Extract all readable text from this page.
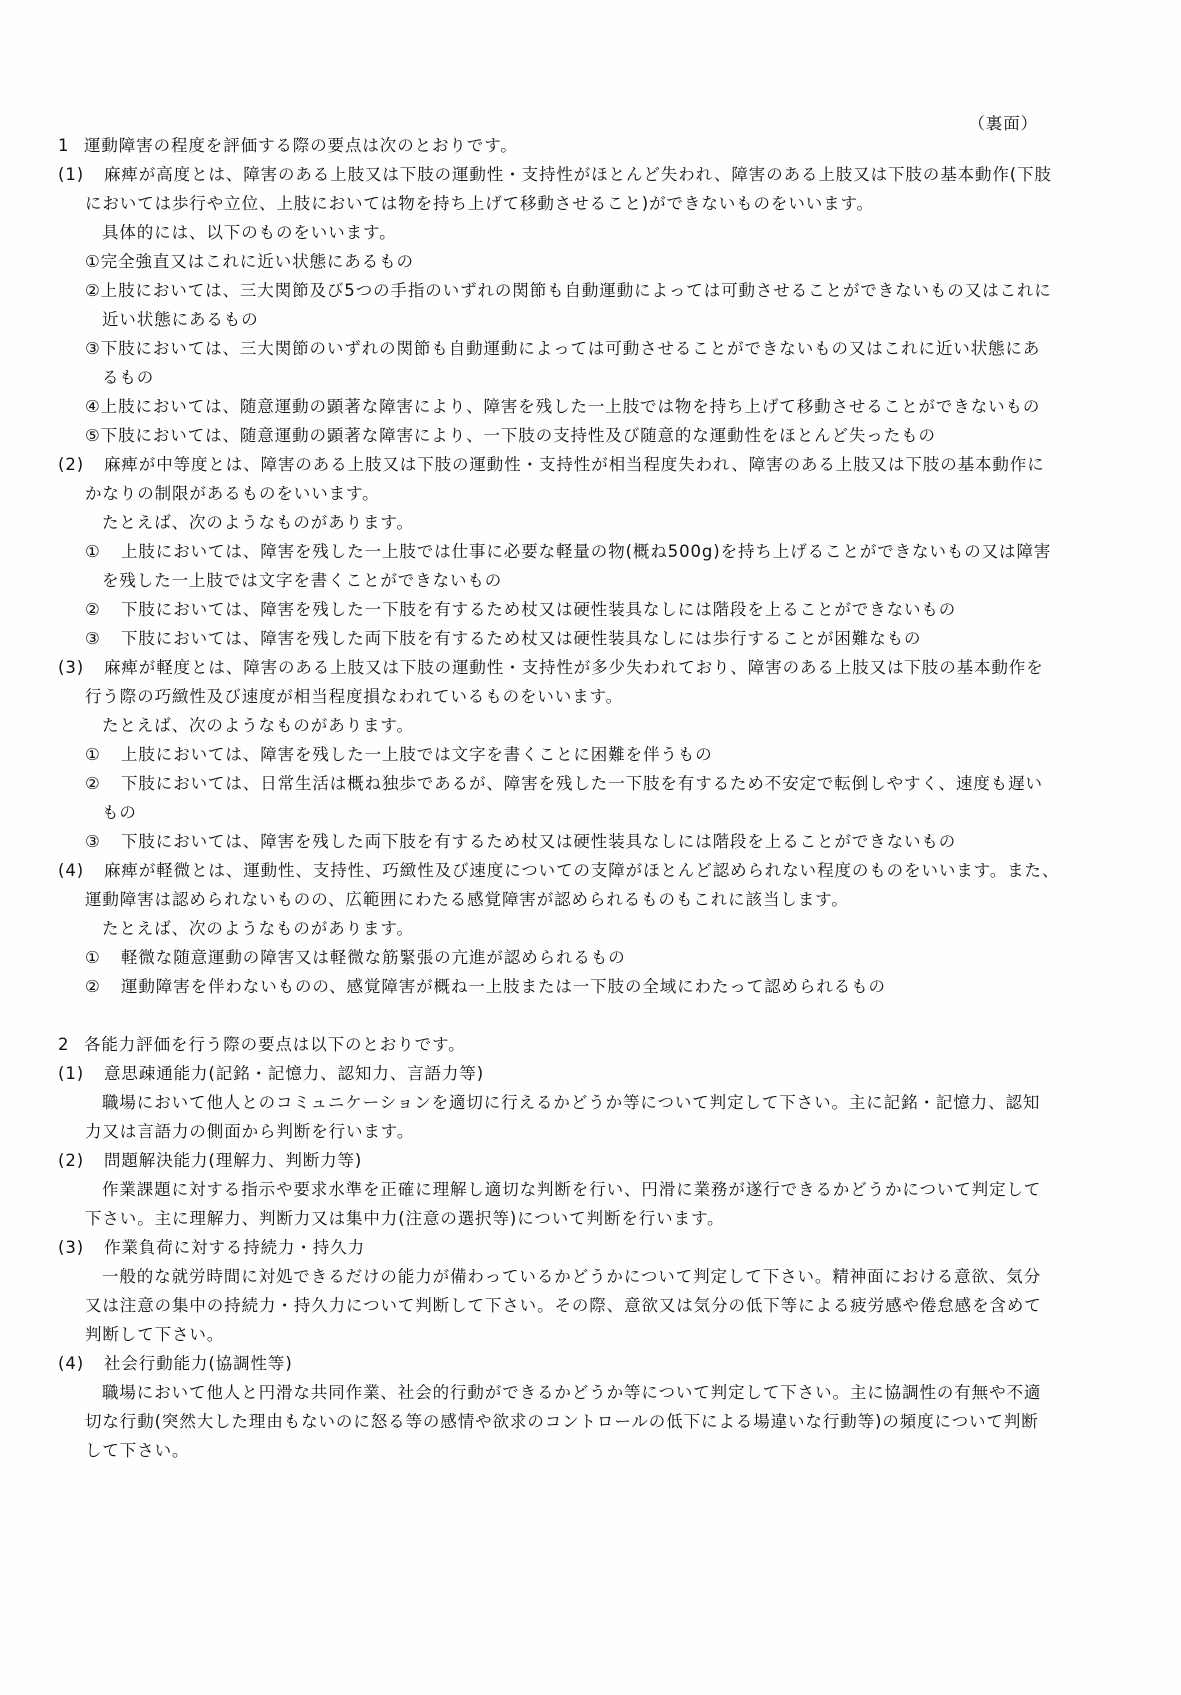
（裏面）
1 運動障害の程度を評価する際の要点は次のとおりです。
(1) 麻痺が高度とは、障害のある上肢又は下肢の運動性・支持性がほとんど失われ、障害のある上肢又は下肢の基本動作(下肢
においては歩行や立位、上肢においては物を持ち上げて移動させること)ができないものをいいます。
具体的には、以下のものをいいます。
①完全強直又はこれに近い状態にあるもの
②上肢においては、三大関節及び5つの手指のいずれの関節も自動運動によっては可動させることができないもの又はこれに
近い状態にあるもの
③下肢においては、三大関節のいずれの関節も自動運動によっては可動させることができないもの又はこれに近い状態にあ
るもの
④上肢においては、随意運動の顕著な障害により、障害を残した一上肢では物を持ち上げて移動させることができないもの
⑤下肢においては、随意運動の顕著な障害により、一下肢の支持性及び随意的な運動性をほとんど失ったもの
(2) 麻痺が中等度とは、障害のある上肢又は下肢の運動性・支持性が相当程度失われ、障害のある上肢又は下肢の基本動作に
かなりの制限があるものをいいます。
たとえば、次のようなものがあります。
① 上肢においては、障害を残した一上肢では仕事に必要な軽量の物(概ね500g)を持ち上げることができないもの又は障害
を残した一上肢では文字を書くことができないもの
② 下肢においては、障害を残した一下肢を有するため杖又は硬性装具なしには階段を上ることができないもの
③ 下肢においては、障害を残した両下肢を有するため杖又は硬性装具なしには歩行することが困難なもの
(3) 麻痺が軽度とは、障害のある上肢又は下肢の運動性・支持性が多少失われており、障害のある上肢又は下肢の基本動作を
行う際の巧緻性及び速度が相当程度損なわれているものをいいます。
たとえば、次のようなものがあります。
① 上肢においては、障害を残した一上肢では文字を書くことに困難を伴うもの
② 下肢においては、日常生活は概ね独歩であるが、障害を残した一下肢を有するため不安定で転倒しやすく、速度も遅い
もの
③ 下肢においては、障害を残した両下肢を有するため杖又は硬性装具なしには階段を上ることができないもの
(4) 麻痺が軽微とは、運動性、支持性、巧緻性及び速度についての支障がほとんど認められない程度のものをいいます。また、
運動障害は認められないものの、広範囲にわたる感覚障害が認められるものもこれに該当します。
たとえば、次のようなものがあります。
① 軽微な随意運動の障害又は軽微な筋緊張の亢進が認められるもの
② 運動障害を伴わないものの、感覚障害が概ね一上肢または一下肢の全域にわたって認められるもの
2 各能力評価を行う際の要点は以下のとおりです。
(1) 意思疎通能力(記銘・記憶力、認知力、言語力等)
職場において他人とのコミュニケーションを適切に行えるかどうか等について判定して下さい。主に記銘・記憶力、認知
力又は言語力の側面から判断を行います。
(2) 問題解決能力(理解力、判断力等)
作業課題に対する指示や要求水準を正確に理解し適切な判断を行い、円滑に業務が遂行できるかどうかについて判定して
下さい。主に理解力、判断力又は集中力(注意の選択等)について判断を行います。
(3) 作業負荷に対する持続力・持久力
一般的な就労時間に対処できるだけの能力が備わっているかどうかについて判定して下さい。精神面における意欲、気分
又は注意の集中の持続力・持久力について判断して下さい。その際、意欲又は気分の低下等による疲労感や倦怠感を含めて
判断して下さい。
(4) 社会行動能力(協調性等)
職場において他人と円滑な共同作業、社会的行動ができるかどうか等について判定して下さい。主に協調性の有無や不適
切な行動(突然大した理由もないのに怒る等の感情や欲求のコントロールの低下による場違いな行動等)の頻度について判断
して下さい。
